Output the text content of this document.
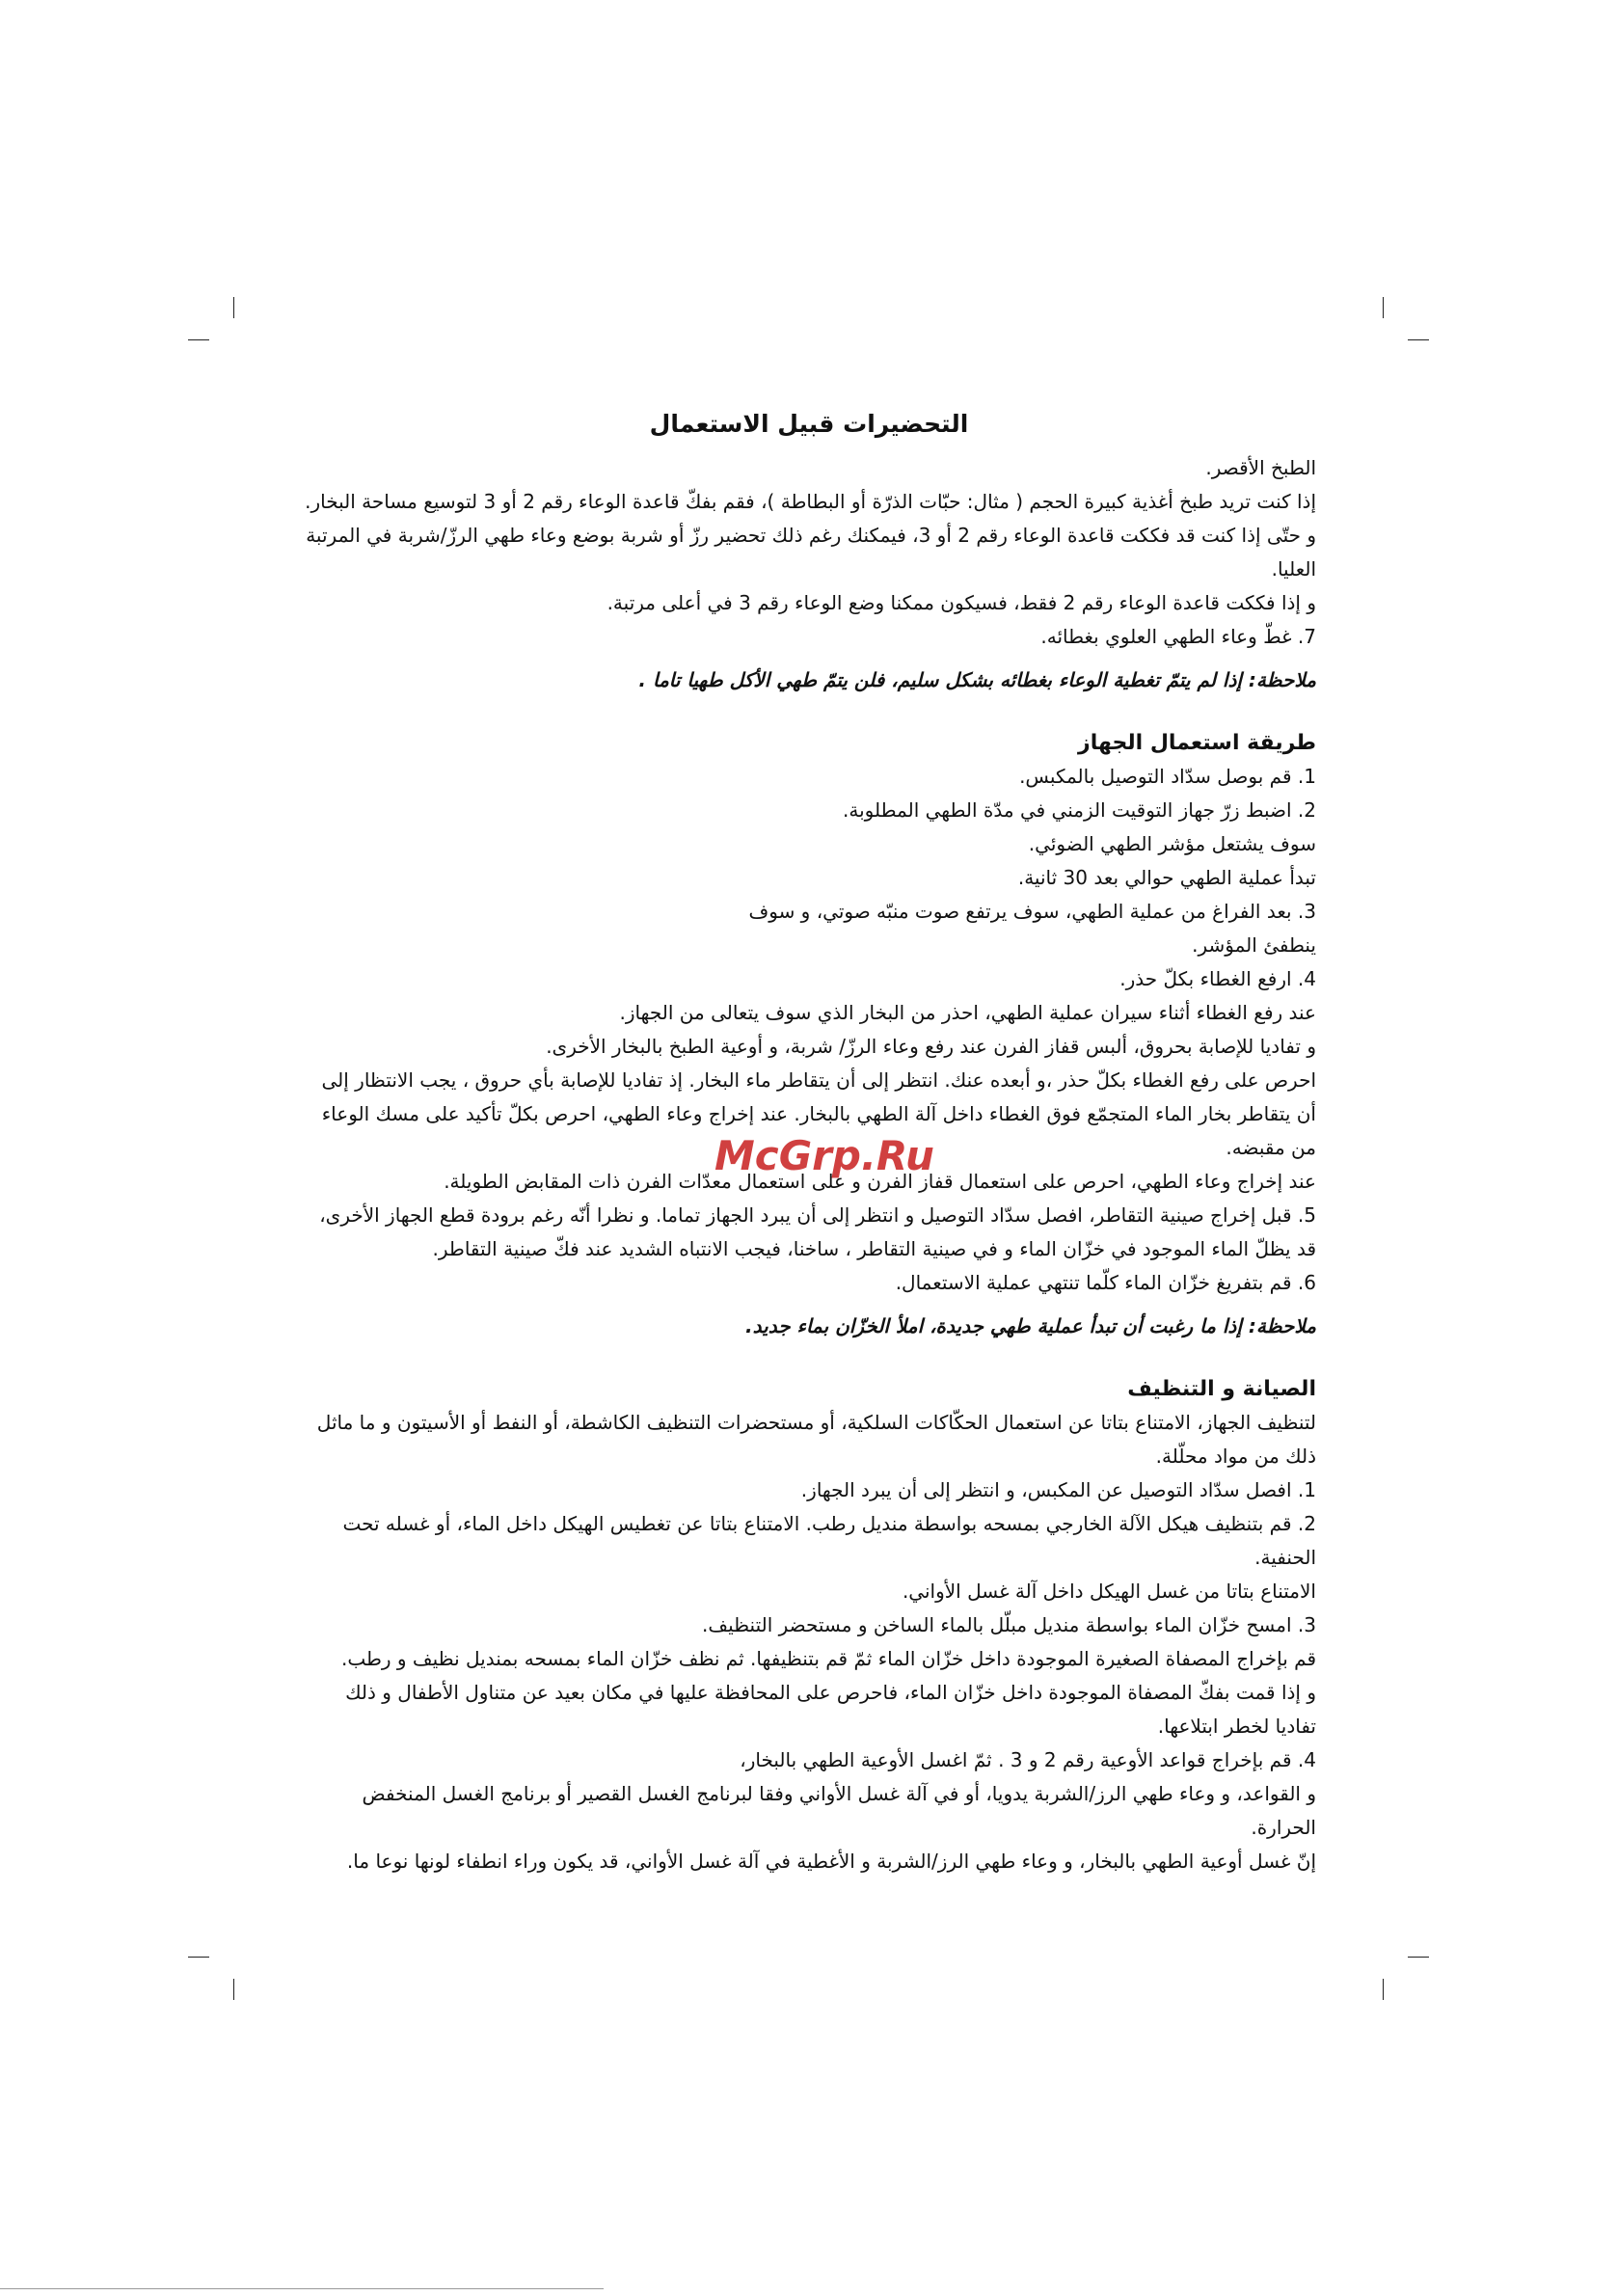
التحضيرات قبيل الاستعمال

الطبخ الأقصر.

إذا كنت تريد طبخ أغذية كبيرة الحجم ( مثال: حبّات الذرّة أو البطاطة )، فقم بفكّ قاعدة الوعاء رقم 2 أو 3 لتوسيع مساحة البخار.

و حتّى إذا كنت قد فككت قاعدة الوعاء رقم 2 أو 3، فيمكنك رغم ذلك تحضير رزّ أو شربة بوضع وعاء طهي الرزّ/شربة في المرتبة العليا.

و إذا فككت قاعدة الوعاء رقم 2 فقط، فسيكون ممكنا وضع الوعاء رقم 3 في أعلى مرتبة.

7. غطّ وعاء الطهي العلوي بغطائه.

ملاحظة: إذا لم يتمّ تغطية الوعاء بغطائه بشكل سليم، فلن يتمّ طهي الأكل طهيا تاما .

طريقة استعمال الجهاز

1. قم بوصل سدّاد التوصيل بالمكبس.

2. اضبط زرّ جهاز التوقيت الزمني في مدّة الطهي المطلوبة.

سوف يشتعل مؤشر الطهي الضوئي.

تبدأ عملية الطهي حوالي بعد 30 ثانية.

3. بعد الفراغ من عملية الطهي، سوف يرتفع صوت منبّه صوتي، و سوف

ينطفئ المؤشر.

4. ارفع الغطاء بكلّ حذر.

عند رفع الغطاء أثناء سيران عملية الطهي، احذر من البخار الذي سوف يتعالى من الجهاز.

و تفاديا للإصابة بحروق، ألبس قفاز الفرن عند رفع وعاء الرزّ/ شربة، و أوعية الطبخ بالبخار الأخرى.

احرص على رفع الغطاء بكلّ حذر ،و أبعده عنك. انتظر إلى أن يتقاطر ماء البخار. إذ تفاديا للإصابة بأي حروق ، يجب الانتظار إلى أن يتقاطر بخار الماء المتجمّع فوق الغطاء داخل آلة الطهي بالبخار. عند إخراج وعاء الطهي، احرص بكلّ تأكيد على مسك الوعاء من مقبضه.

عند إخراج وعاء الطهي، احرص على استعمال قفاز الفرن و على استعمال معدّات الفرن ذات المقابض الطويلة.

5. قبل إخراج صينية التقاطر، افصل سدّاد التوصيل و انتظر إلى أن يبرد الجهاز تماما. و نظرا أنّه رغم برودة قطع الجهاز الأخرى، قد يظلّ الماء الموجود في خزّان الماء و في صينية التقاطر ، ساخنا، فيجب الانتباه الشديد عند فكّ صينية التقاطر.

6. قم بتفريغ خزّان الماء كلّما تنتهي عملية الاستعمال.

ملاحظة: إذا ما رغبت أن تبدأ عملية طهي جديدة، املأ الخزّان بماء جديد.

الصيانة و التنظيف

لتنظيف الجهاز، الامتناع بتاتا عن استعمال الحكّاكات السلكية، أو مستحضرات التنظيف الكاشطة، أو النفط أو الأسيتون و ما ماثل ذلك من مواد محلّلة.

1. افصل سدّاد التوصيل عن المكبس، و انتظر إلى أن يبرد الجهاز.

2. قم بتنظيف هيكل الآلة الخارجي بمسحه بواسطة منديل رطب. الامتناع بتاتا عن تغطيس الهيكل داخل الماء، أو غسله تحت الحنفية.

الامتناع بتاتا من غسل الهيكل داخل آلة غسل الأواني.

3. امسح خزّان الماء بواسطة منديل مبلّل بالماء الساخن و مستحضر التنظيف.

قم بإخراج المصفاة الصغيرة الموجودة داخل خزّان الماء ثمّ قم بتنظيفها. ثم نظف خزّان الماء بمسحه بمنديل نظيف و رطب.

و إذا قمت بفكّ المصفاة الموجودة داخل خزّان الماء، فاحرص على المحافظة عليها في مكان بعيد عن متناول الأطفال و ذلك تفاديا لخطر ابتلاعها.

4. قم بإخراج قواعد الأوعية رقم 2 و 3 . ثمّ اغسل الأوعية الطهي بالبخار،

و القواعد، و وعاء طهي الرز/الشربة يدويا، أو في آلة غسل الأواني وفقا لبرنامج الغسل القصير أو برنامج الغسل المنخفض الحرارة.

إنّ غسل أوعية الطهي بالبخار، و وعاء طهي الرز/الشربة و الأغطية في آلة غسل الأواني، قد يكون وراء انطفاء لونها نوعا ما.

McGrp.Ru
